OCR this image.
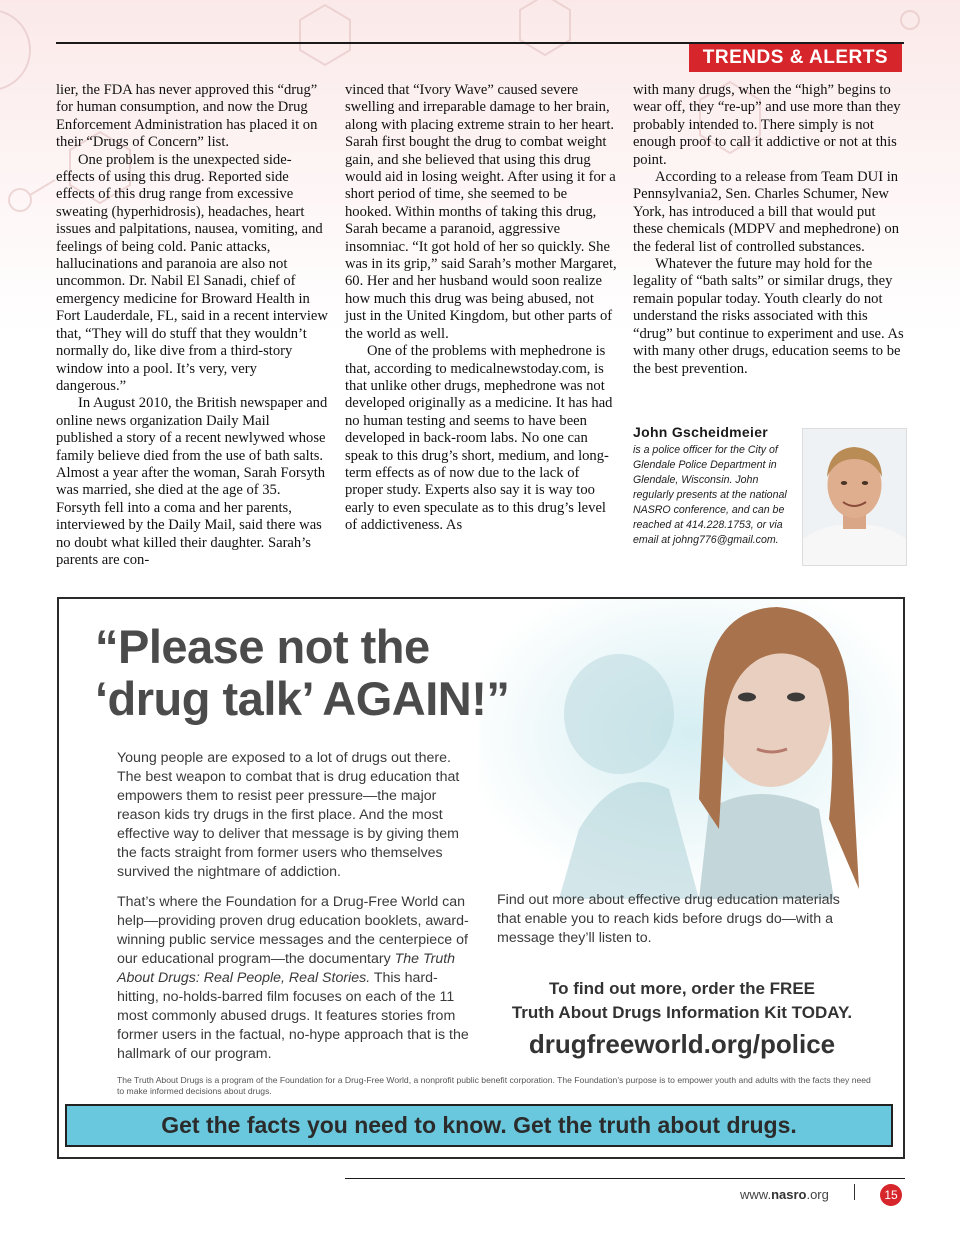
TRENDS & ALERTS

lier, the FDA has never approved this “drug” for human consumption, and now the Drug Enforcement Administration has placed it on their “Drugs of Concern” list.

One problem is the unexpected side-effects of using this drug. Reported side effects of this drug range from excessive sweating (hyperhidrosis), headaches, heart issues and palpitations, nausea, vomiting, and feelings of being cold. Panic attacks, hallucinations and paranoia are also not uncommon. Dr. Nabil El Sanadi, chief of emergency medicine for Broward Health in Fort Lauderdale, FL, said in a recent interview that, “They will do stuff that they wouldn’t normally do, like dive from a third-story window into a pool. It’s very, very dangerous.”

In August 2010, the British newspaper and online news organization Daily Mail published a story of a recent newlywed whose family believe died from the use of bath salts. Almost a year after the woman, Sarah Forsyth was married, she died at the age of 35. Forsyth fell into a coma and her parents, interviewed by the Daily Mail, said there was no doubt what killed their daughter. Sarah’s parents are con-

vinced that “Ivory Wave” caused severe swelling and irreparable damage to her brain, along with placing extreme strain to her heart. Sarah first bought the drug to combat weight gain, and she believed that using this drug would aid in losing weight. After using it for a short period of time, she seemed to be hooked. Within months of taking this drug, Sarah became a paranoid, aggressive insomniac. “It got hold of her so quickly. She was in its grip,” said Sarah’s mother Margaret, 60. Her and her husband would soon realize how much this drug was being abused, not just in the United Kingdom, but other parts of the world as well.

One of the problems with mephedrone is that, according to medicalnewstoday.com, is that unlike other drugs, mephedrone was not developed originally as a medicine. It has had no human testing and seems to have been developed in back-room labs. No one can speak to this drug’s short, medium, and long-term effects as of now due to the lack of proper study. Experts also say it is way too early to even speculate as to this drug’s level of addictiveness. As

with many drugs, when the “high” begins to wear off, they “re-up” and use more than they probably intended to. There simply is not enough proof to call it addictive or not at this point.

According to a release from Team DUI in Pennsylvania2, Sen. Charles Schumer, New York, has introduced a bill that would put these chemicals (MDPV and mephedrone) on the federal list of controlled substances.

Whatever the future may hold for the legality of “bath salts” or similar drugs, they remain popular today. Youth clearly do not understand the risks associated with this “drug” but continue to experiment and use. As with many other drugs, education seems to be the best prevention.

John Gscheidmeier
is a police officer for the City of Glendale Police Department in Glendale, Wisconsin. John regularly presents at the national NASRO conference, and can be reached at 414.228.1753, or via email at johng776@gmail.com.
“Please not the
‘drug talk’ AGAIN!”
Young people are exposed to a lot of drugs out there. The best weapon to combat that is drug education that empowers them to resist peer pressure—the major reason kids try drugs in the first place. And the most effective way to deliver that message is by giving them the facts straight from former users who themselves survived the nightmare of addiction.
That’s where the Foundation for a Drug-Free World can help—providing proven drug education booklets, award-winning public service messages and the centerpiece of our educational program—the documentary The Truth About Drugs: Real People, Real Stories. This hard-hitting, no-holds-barred film focuses on each of the 11 most commonly abused drugs. It features stories from former users in the factual, no-hype approach that is the hallmark of our program.
Find out more about effective drug education materials that enable you to reach kids before drugs do—with a message they’ll listen to.
To find out more, order the FREE
Truth About Drugs Information Kit TODAY.
drugfreeworld.org/police
The Truth About Drugs is a program of the Foundation for a Drug-Free World, a nonprofit public benefit corporation. The Foundation’s purpose is to empower youth and adults with the facts they need to make informed decisions about drugs.
Get the facts you need to know. Get the truth about drugs.
www.nasro.org	15
